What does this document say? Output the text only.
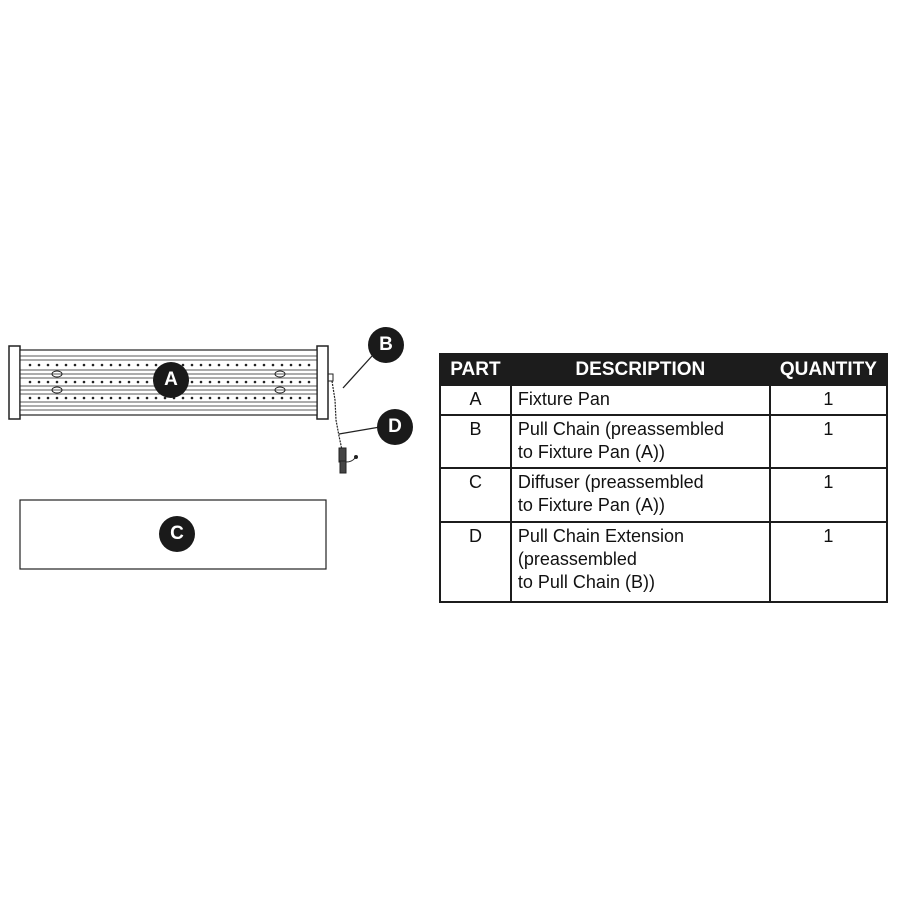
A
B
C
D
PART	DESCRIPTION	QUANTITY
A	Fixture Pan	1
B	Pull Chain (preassembled
to Fixture Pan (A))	1
C	Diffuser (preassembled
to Fixture Pan (A))	1
D	Pull Chain Extension
(preassembled
to Pull Chain (B))	1
